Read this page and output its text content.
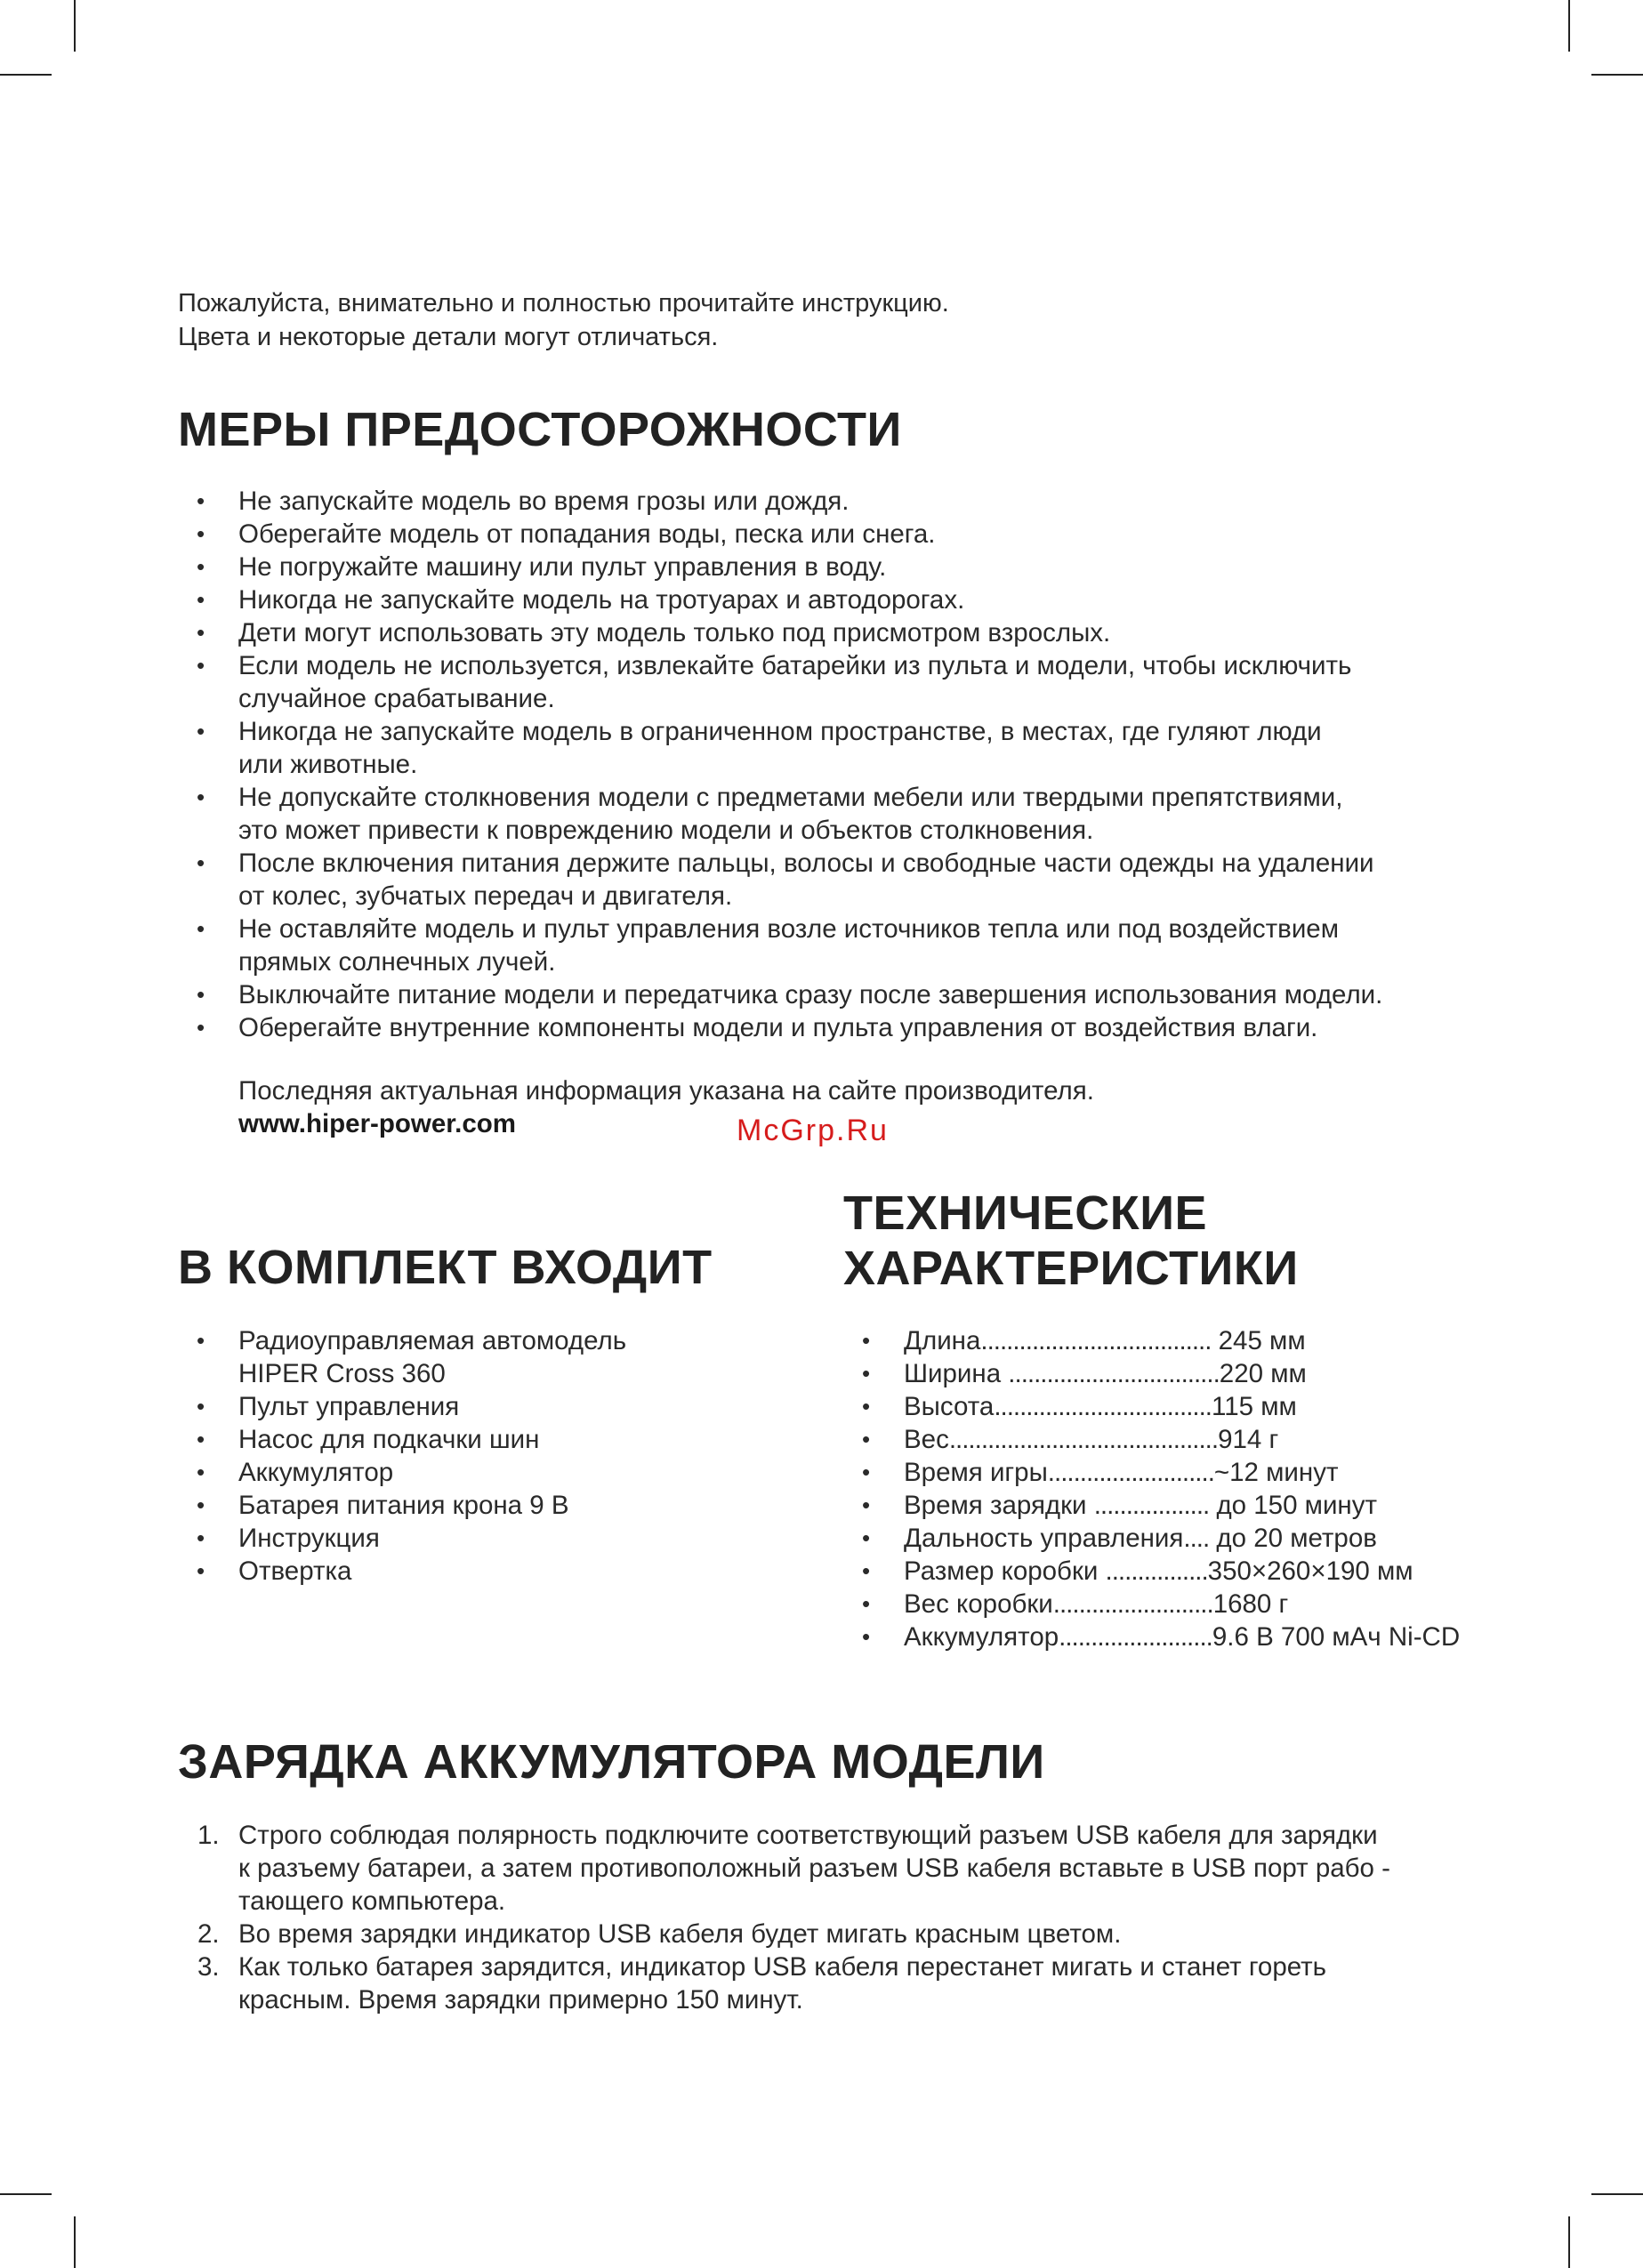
Пожалуйста, внимательно и полностью прочитайте инструкцию.
Цвета и некоторые детали могут отличаться.
МЕРЫ ПРЕДОСТОРОЖНОСТИ
• Не запускайте модель во время грозы или дождя.
• Оберегайте модель от попадания воды, песка или снега.
• Не погружайте машину или пульт управления в воду.
• Никогда не запускайте модель на тротуарах и автодорогах.
• Дети могут использовать эту модель только под присмотром взрослых.
• Если модель не используется, извлекайте батарейки из пульта и модели, чтобы исключить
случайное срабатывание.
• Никогда не запускайте модель в ограниченном пространстве, в местах, где гуляют люди
или животные.
• Не допускайте столкновения модели с предметами мебели или твердыми препятствиями,
это может привести к повреждению модели и объектов столкновения.
• После включения питания держите пальцы, волосы и свободные части одежды на удалении
от колес, зубчатых передач и двигателя.
• Не оставляйте модель и пульт управления возле источников тепла или под воздействием
прямых солнечных лучей.
• Выключайте питание модели и передатчика сразу после завершения использования модели.
• Оберегайте внутренние компоненты модели и пульта управления от воздействия влаги.
Последняя актуальная информация указана на сайте производителя.
www.hiper-power.com	McGrp.Ru
В КОМПЛЕКТ ВХОДИТ
• Радиоуправляемая автомодель
HIPER Cross 360
• Пульт управления
• Насос для подкачки шин
• Аккумулятор
• Батарея питания крона 9 В
• Инструкция
• Отвертка
ТЕХНИЧЕСКИЕ
ХАРАКТЕРИСТИКИ
• Длина.................................... 245 мм
• Ширина .................................220 мм
• Высота..................................115 мм
• Вес..........................................914 г
• Время игры..........................~12 минут
• Время зарядки .................. до 150 минут
• Дальность управления.... до 20 метров
• Размер коробки ................350×260×190 мм
• Вес коробки.........................1680 г
• Аккумулятор........................9.6 В 700 мАч Ni-CD
ЗАРЯДКА АККУМУЛЯТОРА МОДЕЛИ
1. Строго соблюдая полярность подключите соответствующий разъем USB кабеля для зарядки
к разъему батареи, а затем противоположный разъем USB кабеля вставьте в USB порт рабо -
тающего компьютера.
2. Во время зарядки индикатор USB кабеля будет мигать красным цветом.
3. Как только батарея зарядится, индикатор USB кабеля перестанет мигать и станет гореть
красным. Время зарядки примерно 150 минут.
